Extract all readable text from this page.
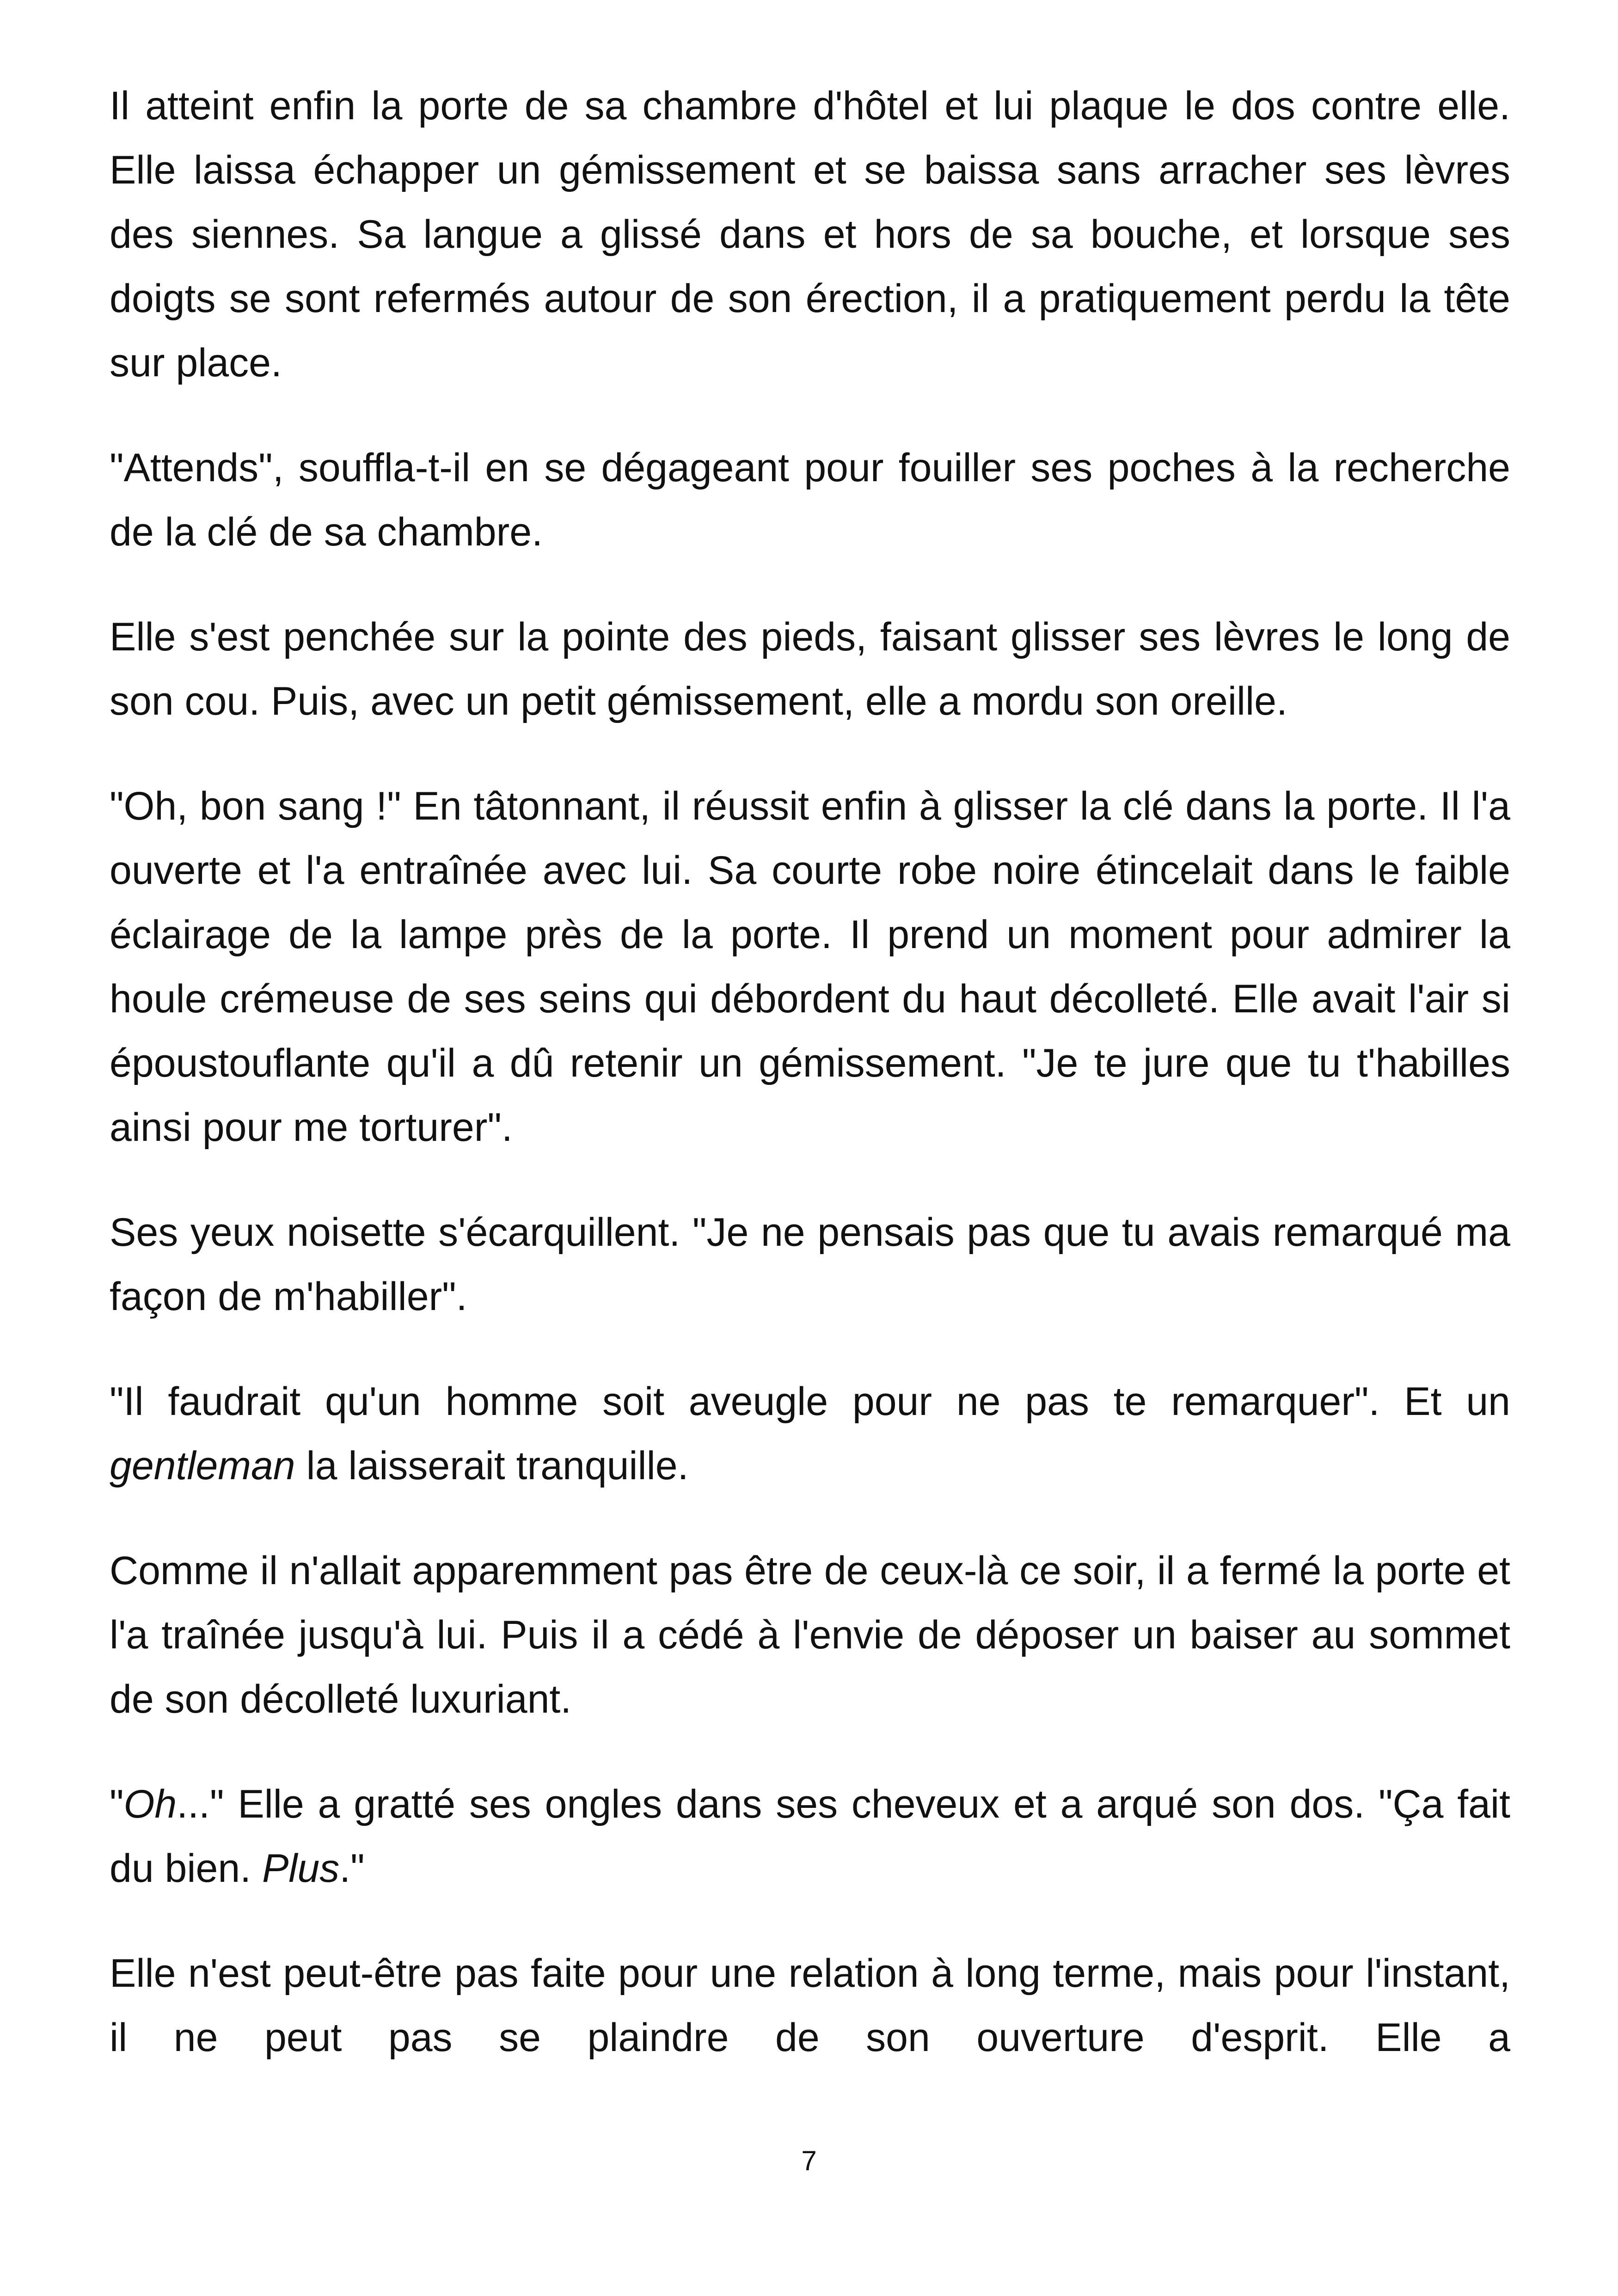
Il atteint enfin la porte de sa chambre d'hôtel et lui plaque le dos contre elle. Elle laissa échapper un gémissement et se baissa sans arracher ses lèvres des siennes. Sa langue a glissé dans et hors de sa bouche, et lorsque ses doigts se sont refermés autour de son érection, il a pratiquement perdu la tête sur place.

"Attends", souffla-t-il en se dégageant pour fouiller ses poches à la recherche de la clé de sa chambre.

Elle s'est penchée sur la pointe des pieds, faisant glisser ses lèvres le long de son cou. Puis, avec un petit gémissement, elle a mordu son oreille.

"Oh, bon sang !" En tâtonnant, il réussit enfin à glisser la clé dans la porte. Il l'a ouverte et l'a entraînée avec lui. Sa courte robe noire étincelait dans le faible éclairage de la lampe près de la porte. Il prend un moment pour admirer la houle crémeuse de ses seins qui débordent du haut décolleté. Elle avait l'air si époustouflante qu'il a dû retenir un gémissement. "Je te jure que tu t'habilles ainsi pour me torturer".

Ses yeux noisette s'écarquillent. "Je ne pensais pas que tu avais remarqué ma façon de m'habiller".

"Il faudrait qu'un homme soit aveugle pour ne pas te remarquer". Et un gentleman la laisserait tranquille.

Comme il n'allait apparemment pas être de ceux-là ce soir, il a fermé la porte et l'a traînée jusqu'à lui. Puis il a cédé à l'envie de déposer un baiser au sommet de son décolleté luxuriant.

"Oh..." Elle a gratté ses ongles dans ses cheveux et a arqué son dos. "Ça fait du bien. Plus."

Elle n'est peut-être pas faite pour une relation à long terme, mais pour l'instant, il ne peut pas se plaindre de son ouverture d'esprit. Elle a

7
